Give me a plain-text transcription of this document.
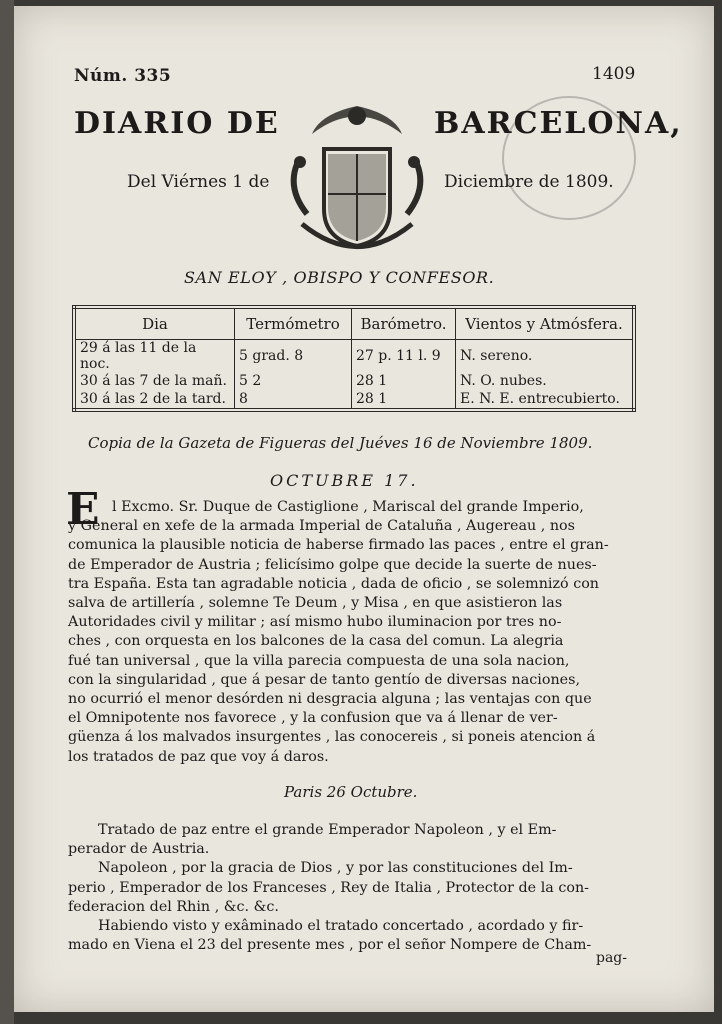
Núm. 335	1409
DIARIO DE	BARCELONA,
Del Viérnes 1 de	Diciembre de 1809.
SAN ELOY , OBISPO Y CONFESOR.
Dia	Termómetro	Barómetro.	Vientos y Atmósfera.
29 á las 11 de la noc.	5 grad. 8	27 p. 11 l. 9	N. sereno.
30 á las 7 de la mañ.	5 2	28 1	N. O. nubes.
30 á las 2 de la tard.	8	28 1	E. N. E. entrecubierto.
Copia de la Gazeta de Figueras del Juéves 16 de Noviembre 1809.
OCTUBRE 17.
E l Excmo. Sr. Duque de Castiglione , Mariscal del grande Imperio,
y General en xefe de la armada Imperial de Cataluña , Augereau , nos
comunica la plausible noticia de haberse firmado las paces , entre el gran-
de Emperador de Austria ; felicísimo golpe que decide la suerte de nues-
tra España. Esta tan agradable noticia , dada de oficio , se solemnizó con
salva de artillería , solemne Te Deum , y Misa , en que asistieron las
Autoridades civil y militar ; así mismo hubo iluminacion por tres no-
ches , con orquesta en los balcones de la casa del comun. La alegria
fué tan universal , que la villa parecia compuesta de una sola nacion,
con la singularidad , que á pesar de tanto gentío de diversas naciones,
no ocurrió el menor desórden ni desgracia alguna ; las ventajas con que
el Omnipotente nos favorece , y la confusion que va á llenar de ver-
güenza á los malvados insurgentes , las conocereis , si poneis atencion á
los tratados de paz que voy á daros.
Paris 26 Octubre.
Tratado de paz entre el grande Emperador Napoleon , y el Em-
perador de Austria.
Napoleon , por la gracia de Dios , y por las constituciones del Im-
perio , Emperador de los Franceses , Rey de Italia , Protector de la con-
federacion del Rhin , &c. &c.
Habiendo visto y exâminado el tratado concertado , acordado y fir-
mado en Viena el 23 del presente mes , por el señor Nompere de Cham-
pag-
